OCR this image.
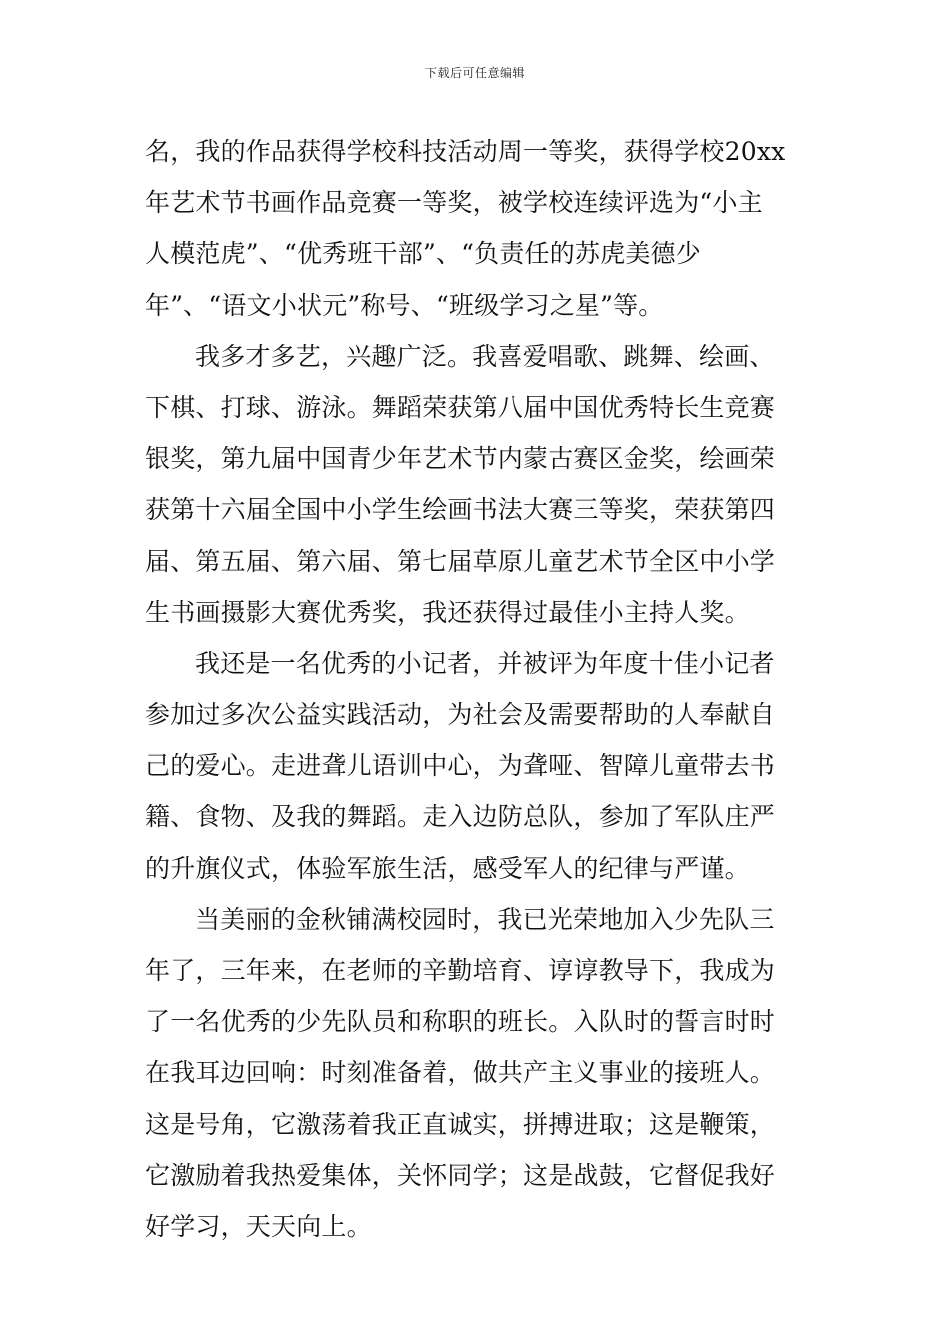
下载后可任意编辑
名，我的作品获得学校科技活动周一等奖，获得学校20xx
年艺术节书画作品竞赛一等奖，被学校连续评选为“小主
人模范虎”、“优秀班干部”、“负责任的苏虎美德少
年”、“语文小状元”称号、“班级学习之星”等。
我多才多艺，兴趣广泛。我喜爱唱歌、跳舞、绘画、
下棋、打球、游泳。舞蹈荣获第八届中国优秀特长生竞赛
银奖，第九届中国青少年艺术节内蒙古赛区金奖，绘画荣
获第十六届全国中小学生绘画书法大赛三等奖，荣获第四
届、第五届、第六届、第七届草原儿童艺术节全区中小学
生书画摄影大赛优秀奖，我还获得过最佳小主持人奖。
我还是一名优秀的小记者，并被评为年度十佳小记者
参加过多次公益实践活动，为社会及需要帮助的人奉献自
己的爱心。走进聋儿语训中心，为聋哑、智障儿童带去书
籍、食物、及我的舞蹈。走入边防总队，参加了军队庄严
的升旗仪式，体验军旅生活，感受军人的纪律与严谨。
当美丽的金秋铺满校园时，我已光荣地加入少先队三
年了，三年来，在老师的辛勤培育、谆谆教导下，我成为
了一名优秀的少先队员和称职的班长。入队时的誓言时时
在我耳边回响：时刻准备着，做共产主义事业的接班人。
这是号角，它激荡着我正直诚实，拼搏进取；这是鞭策，
它激励着我热爱集体，关怀同学；这是战鼓，它督促我好
好学习，天天向上。
